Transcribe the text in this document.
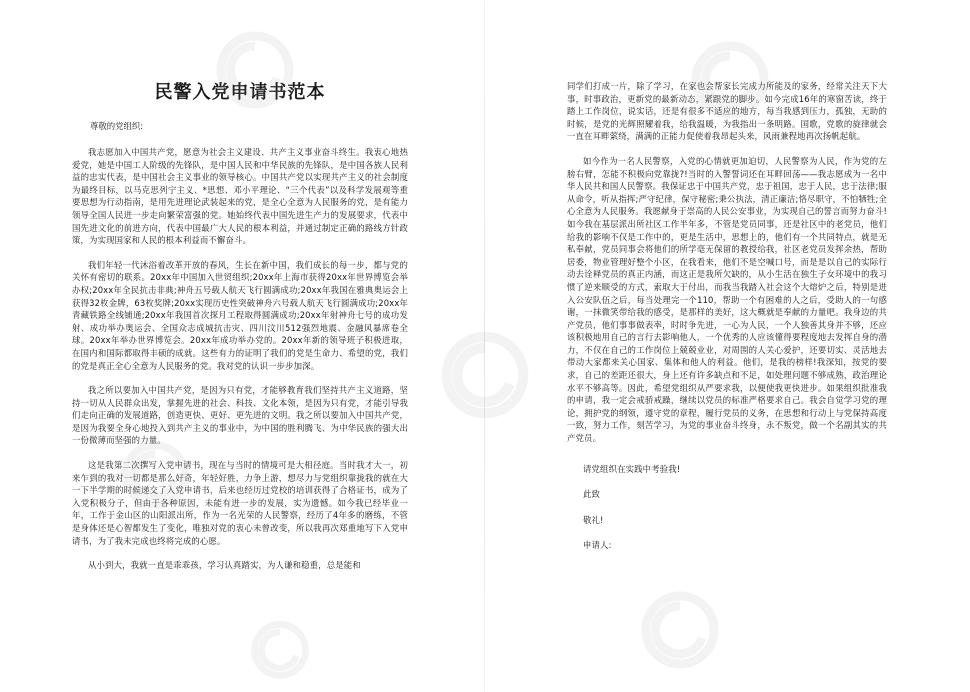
民警入党申请书范本

尊敬的党组织:

我志愿加入中国共产党，愿意为社会主义建设、共产主义事业奋斗终生。我衷心地热爱党，她是中国工人阶级的先锋队，是中国人民和中华民族的先锋队，是中国各族人民利益的忠实代表，是中国社会主义事业的领导核心。中国共产党以实现共产主义的社会制度为最终目标，以马克思列宁主义、*思想、邓小平理论、“三个代表”以及科学发展观等重要思想为行动指南，是用先进理论武装起来的党，是全心全意为人民服务的党，是有能力领导全国人民进一步走向繁荣富强的党。她始终代表中国先进生产力的发展要求，代表中国先进文化的前进方向，代表中国最广大人民的根本利益，并通过制定正确的路线方针政策，为实现国家和人民的根本利益而不懈奋斗。

我们年轻一代沐浴着改革开放的春风，生长在新中国，我们成长的每一步，都与党的关怀有密切的联系。20xx年中国加入世贸组织;20xx年上海市获得20xx年世界博览会举办权;20xx年全民抗击非典;神舟五号载人航天飞行圆满成功;20xx年我国在雅典奥运会上获得32枚金牌，63枚奖牌;20xx实现历史性突破神舟六号载人航天飞行圆满成功;20xx年青藏铁路全线铺通;20xx年我国首次探月工程取得圆满成功;20xx年射神舟七号的成功发射、成功举办奥运会、全国众志成城抗击灾、四川汶川512强烈地震、金融风暴席卷全球。20xx年举办世界博览会。20xx年成功举办党的。20xx年新的领导班子积极进取，在国内和国际都取得丰硕的成就。这些有力的证明了我们的党是生命力、希望的党，我们的党是真正全心全意为人民服务的党。我对党的认识一步步加深。

我之所以要加入中国共产党，是因为只有党，才能够教育我们坚持共产主义道路，坚持一切从人民群众出发，掌握先进的社会、科技、文化本领，是因为只有党，才能引导我们走向正确的发展道路，创造更快、更好、更先进的文明。我之所以要加入中国共产党，是因为我要全身心地投入到共产主义的事业中，为中国的胜利腾飞、为中华民族的强大出一份微薄而坚强的力量。

这是我第二次撰写入党申请书，现在与当时的情境可是大相径庭。当时我才大一，初来乍到的我对一切都是那么好奇，年轻好胜，力争上游，想尽力与党组织靠拢我的就在大一下半学期的时候递交了入党申请书，后来也经历过党校的培训获得了合格证书，成为了入党积极分子，但由于各种原因，未能有进一步的发展，实为遗憾。如今我已经毕业一年，工作于金山区的山阳派出所，作为一名光荣的人民警察，经历了4年多的磨练，不管是身体还是心智都发生了变化，唯独对党的衷心未曾改变，所以我再次郑重地写下入党申请书，为了我未完成也终将完成的心愿。

从小到大，我就一直是乖乖孩，学习认真踏实，为人谦和稳重，总是能和

同学们打成一片，除了学习，在家也会帮家长完成力所能及的家务，经常关注天下大事，时事政治，更新党的最新动态，紧跟党的脚步。如今完成16年的寒窗苦读，终于踏上工作岗位，说实话，还是有很多不适应的地方，每当我感到压力，孤独，无助的时候，是党的光辉照耀着我，给我温暖，为我指出一条明路。国歌，党歌的旋律就会一直在耳畔萦绕，满满的正能力促使着我昂起头来，风雨兼程地再次扬帆起航。

如今作为一名人民警察，入党的心情就更加迫切，人民警察为人民，作为党的左膀右臂，怎能不积极向党靠拢?!当时的入警誓词还在耳畔回荡——我志愿成为一名中华人民共和国人民警察。我保证忠于中国共产党，忠于祖国，忠于人民，忠于法律;服从命令，听从指挥;严守纪律，保守秘密;秉公执法，清正廉洁;恪尽职守，不怕牺牲;全心全意为人民服务。我愿献身于崇高的人民公安事业，为实现自己的誓言而努力奋斗!如今我在基层派出所社区工作半年多，不管是党员同事，还是社区中的老党员，他们给我的影响不仅是工作中的，更是生活中，思想上的，他们有一个共同特点，就是无私奉献，党员同事会将他们的所学毫无保留的教授给我，社区老党员发挥余热，帮助居委，物业管理好整个小区，在我看来，他们不是空喊口号，而是是以自己的实际行动去诠释党员的真正内涵，而这正是我所欠缺的，从小生活在独生子女环境中的我习惯了逆来顺受的方式，索取大于付出，而我当我踏入社会这个大熔炉之后，特别是进入公安队伍之后，每当处理完一个110，帮助一个有困难的人之后，受助人的一句感谢，一抹微笑带给我的感受，是那样的美好，这大概就是奉献的力量吧。我身边的共产党员，他们事事做表率，时时争先进，一心为人民，一个人独善其身并不够，还应该积极地用自己的言行去影响他人，一个优秀的人应该懂得要程度地去发挥自身的潜力，不仅在自己的工作岗位上兢兢业业，对周围的人关心爱护，还要切实、灵活地去带动大家都来关心国家、集体和他人的利益。他们，是我的榜样!我深知，按党的要求，自己的差距还很大，身上还有许多缺点和不足，如处理问题不够成熟，政治理论水平不够高等。因此，希望党组织从严要求我，以便使我更快进步。如果组织批准我的申请，我一定会戒骄戒躁，继续以党员的标准严格要求自己。我会自觉学习党的理论，拥护党的纲领，遵守党的章程，履行党员的义务，在思想和行动上与党保持高度一致，努力工作，刻苦学习，为党的事业奋斗终身，永不叛党，做一个名副其实的共产党员。

请党组织在实践中考验我!

此致

敬礼!

申请人:
